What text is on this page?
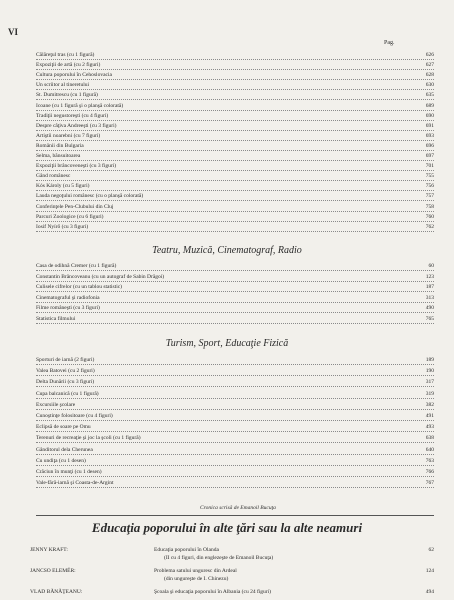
VI
Pag.
Călăreţul tras (cu 1 figură)	626
Expoziţii de artă (cu 2 figuri)	627
Cultura poporului în Cehoslovacia	628
Un scriitor al tineretului	630
St. Dumitrescu (cu 1 figură)	635
Icoane (cu 1 figură şi o planşă colorată)	689
Tradiţii negustoreşti (cu 4 figuri)	690
Despre câţiva Andreeşti (cu 3 figuri)	691
Artiştii noarebni (cu 7 figuri)	693
Românii din Bulgaria	696
Selma, bănsuitoarea	697
Expoziţii brâncoveneşti (cu 3 figuri)	701
Gând românesc	755
Kós Károly (cu 5 figuri)	756
Lauda negoţului românesc (cu o planşă colorată)	757
Conferinţele Pen-Clubului din Cluj	758
Parcuri Zoologice (cu 6 figuri)	760
Iosif Nyírő (cu 3 figuri)	762
Teatru, Muzică, Cinematograf, Radio
Casa de odihnă Cremer (cu 1 figură)	60
Constantin Brâncoveanu (cu un autograf de Sabin Drăgoi)	123
Culisele cifrelor (cu un tablou statistic)	187
Cinematograful şi radiofonia	313
Filme româneşti (cu 3 figuri)	490
Statistica filmului	765
Turism, Sport, Educaţie Fizică
Sporturi de iarnă (2 figuri)	189
Valea Batovei (cu 2 figuri)	190
Delta Dunării (cu 3 figuri)	317
Cupa balcanică (cu 1 figură)	319
Excursiile şcolare	382
Cunoştinţe folositoare (cu 4 figuri)	491
Eclipsă de soare pe Omu	493
Terenuri de recreaţie şi joc la şcoli (cu 1 figură)	638
Gânditorul dela Cherunea	640
Cu undiţa (cu 1 desen)	763
Crăciun în munţi (cu 1 desen)	766
Vale-fără-iarnă şi Coasta-de-Argint	767
Cronica scrisă de Emanoil Bucuţa
Educaţia poporului în alte ţări sau la alte neamuri
JENNY KRAFT:	Educaţia poporului în Olanda	62
(II cu 4 figuri, din englezeşte de Emanoil Bucuţa)
JANCSO ELEMÉR:	Problema satului unguresc din Ardeal	124
(din ungureşte de I. Chinezu)
VLAD BĂNĂŢEANU:	Şcoala şi educaţia poporului în Albania (cu 24 figuri)	494
